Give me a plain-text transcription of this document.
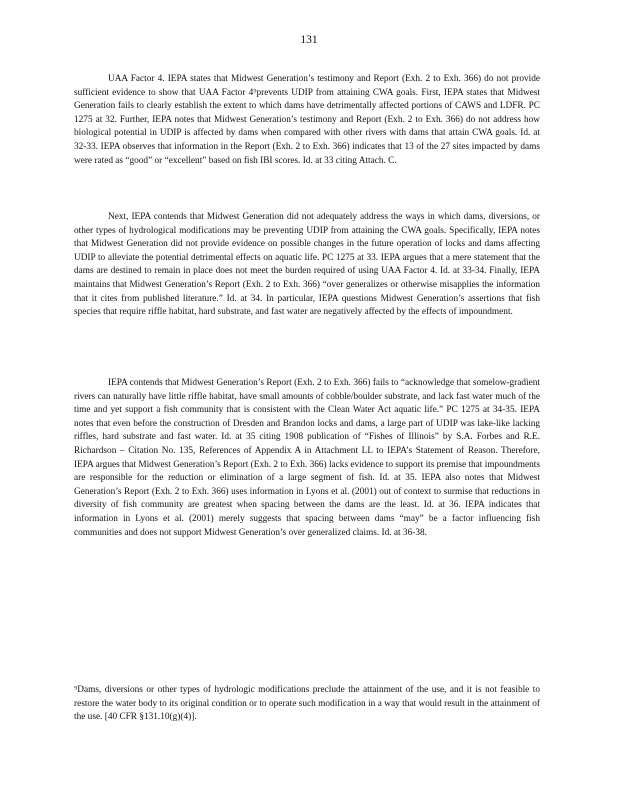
131

UAA Factor 4. IEPA states that Midwest Generation’s testimony and Report (Exh. 2 to Exh. 366) do not provide sufficient evidence to show that UAA Factor 4⁹prevents UDIP from attaining CWA goals. First, IEPA states that Midwest Generation fails to clearly establish the extent to which dams have detrimentally affected portions of CAWS and LDFR. PC 1275 at 32. Further, IEPA notes that Midwest Generation’s testimony and Report (Exh. 2 to Exh. 366) do not address how biological potential in UDIP is affected by dams when compared with other rivers with dams that attain CWA goals. Id. at 32-33. IEPA observes that information in the Report (Exh. 2 to Exh. 366) indicates that 13 of the 27 sites impacted by dams were rated as “good” or “excellent” based on fish IBI scores. Id. at 33 citing Attach. C.

Next, IEPA contends that Midwest Generation did not adequately address the ways in which dams, diversions, or other types of hydrological modifications may be preventing UDIP from attaining the CWA goals. Specifically, IEPA notes that Midwest Generation did not provide evidence on possible changes in the future operation of locks and dams affecting UDIP to alleviate the potential detrimental effects on aquatic life. PC 1275 at 33. IEPA argues that a mere statement that the dams are destined to remain in place does not meet the burden required of using UAA Factor 4. Id. at 33-34. Finally, IEPA maintains that Midwest Generation’s Report (Exh. 2 to Exh. 366) “over generalizes or otherwise misapplies the information that it cites from published literature.” Id. at 34. In particular, IEPA questions Midwest Generation’s assertions that fish species that require riffle habitat, hard substrate, and fast water are negatively affected by the effects of impoundment.

IEPA contends that Midwest Generation’s Report (Exh. 2 to Exh. 366) fails to “acknowledge that somelow-gradient rivers can naturally have little riffle habitat, have small amounts of cobble/boulder substrate, and lack fast water much of the time and yet support a fish community that is consistent with the Clean Water Act aquatic life.” PC 1275 at 34-35. IEPA notes that even before the construction of Dresden and Brandon locks and dams, a large part of UDIP was lake-like lacking riffles, hard substrate and fast water. Id. at 35 citing 1908 publication of “Fishes of Illinois” by S.A. Forbes and R.E. Richardson – Citation No. 135, References of Appendix A in Attachment LL to IEPA’s Statement of Reason. Therefore, IEPA argues that Midwest Generation’s Report (Exh. 2 to Exh. 366) lacks evidence to support its premise that impoundments are responsible for the reduction or elimination of a large segment of fish. Id. at 35. IEPA also notes that Midwest Generation’s Report (Exh. 2 to Exh. 366) uses information in Lyons et al. (2001) out of context to surmise that reductions in diversity of fish community are greatest when spacing between the dams are the least. Id. at 36. IEPA indicates that information in Lyons et al. (2001) merely suggests that spacing between dams “may” be a factor influencing fish communities and does not support Midwest Generation’s over generalized claims. Id. at 36-38.

⁹Dams, diversions or other types of hydrologic modifications preclude the attainment of the use, and it is not feasible to restore the water body to its original condition or to operate such modification in a way that would result in the attainment of the use. [40 CFR §131.10(g)(4)].
